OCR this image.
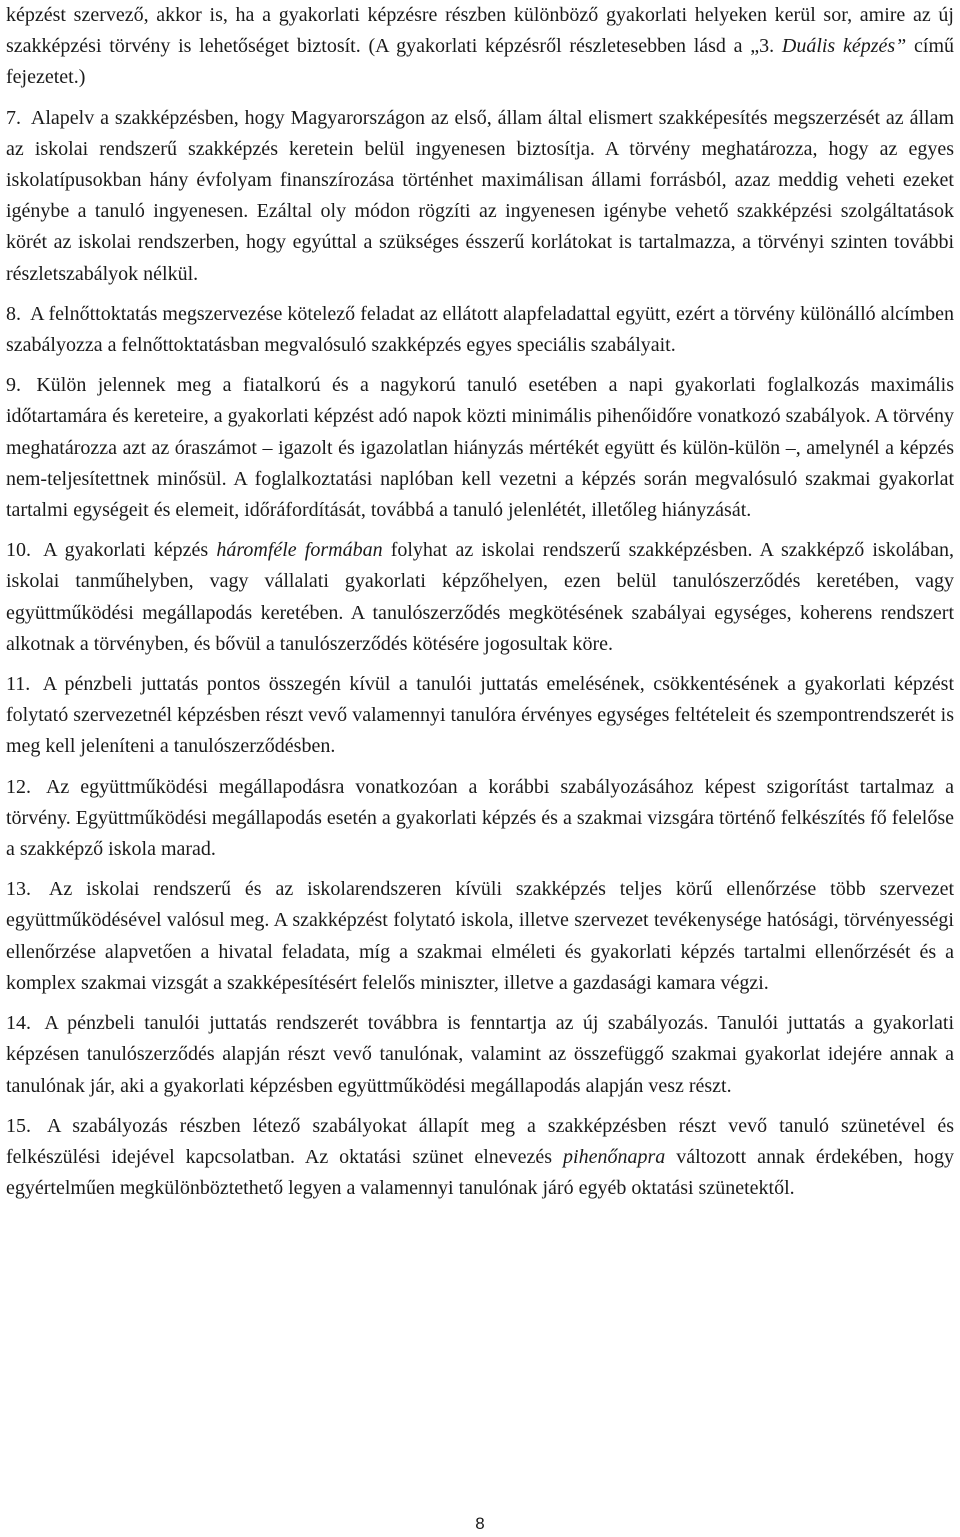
képzést szervező, akkor is, ha a gyakorlati képzésre részben különböző gyakorlati helyeken kerül sor, amire az új szakképzési törvény is lehetőséget biztosít. (A gyakorlati képzésről részletesebben lásd a „3. Duális képzés” című fejezetet.)

7. Alapelv a szakképzésben, hogy Magyarországon az első, állam által elismert szakképesítés megszerzését az állam az iskolai rendszerű szakképzés keretein belül ingyenesen biztosítja. A törvény meghatározza, hogy az egyes iskolatípusokban hány évfolyam finanszírozása történhet maximálisan állami forrásból, azaz meddig veheti ezeket igénybe a tanuló ingyenesen. Ezáltal oly módon rögzíti az ingyenesen igénybe vehető szakképzési szolgáltatások körét az iskolai rendszerben, hogy egyúttal a szükséges ésszerű korlátokat is tartalmazza, a törvényi szinten további részletszabályok nélkül.

8. A felnőttoktatás megszervezése kötelező feladat az ellátott alapfeladattal együtt, ezért a törvény különálló alcímben szabályozza a felnőttoktatásban megvalósuló szakképzés egyes speciális szabályait.

9. Külön jelennek meg a fiatalkorú és a nagykorú tanuló esetében a napi gyakorlati foglalkozás maximális időtartamára és kereteire, a gyakorlati képzést adó napok közti minimális pihenőidőre vonatkozó szabályok. A törvény meghatározza azt az óraszámot – igazolt és igazolatlan hiányzás mértékét együtt és külön-külön –, amelynél a képzés nem-teljesítettnek minősül. A foglalkoztatási naplóban kell vezetni a képzés során megvalósuló szakmai gyakorlat tartalmi egységeit és elemeit, időráfordítását, továbbá a tanuló jelenlétét, illetőleg hiányzását.

10. A gyakorlati képzés háromféle formában folyhat az iskolai rendszerű szakképzésben. A szakképző iskolában, iskolai tanműhelyben, vagy vállalati gyakorlati képzőhelyen, ezen belül tanulószerződés keretében, vagy együttműködési megállapodás keretében. A tanulószerződés megkötésének szabályai egységes, koherens rendszert alkotnak a törvényben, és bővül a tanulószerződés kötésére jogosultak köre.

11. A pénzbeli juttatás pontos összegén kívül a tanulói juttatás emelésének, csökkentésének a gyakorlati képzést folytató szervezetnél képzésben részt vevő valamennyi tanulóra érvényes egységes feltételeit és szempontrendszerét is meg kell jeleníteni a tanulószerződésben.

12. Az együttműködési megállapodásra vonatkozóan a korábbi szabályozásához képest szigorítást tartalmaz a törvény. Együttműködési megállapodás esetén a gyakorlati képzés és a szakmai vizsgára történő felkészítés fő felelőse a szakképző iskola marad.

13. Az iskolai rendszerű és az iskolarendszeren kívüli szakképzés teljes körű ellenőrzése több szervezet együttműködésével valósul meg. A szakképzést folytató iskola, illetve szervezet tevékenysége hatósági, törvényességi ellenőrzése alapvetően a hivatal feladata, míg a szakmai elméleti és gyakorlati képzés tartalmi ellenőrzését és a komplex szakmai vizsgát a szakképesítésért felelős miniszter, illetve a gazdasági kamara végzi.

14. A pénzbeli tanulói juttatás rendszerét továbbra is fenntartja az új szabályozás. Tanulói juttatás a gyakorlati képzésen tanulószerződés alapján részt vevő tanulónak, valamint az összefüggő szakmai gyakorlat idejére annak a tanulónak jár, aki a gyakorlati képzésben együttműködési megállapodás alapján vesz részt.

15. A szabályozás részben létező szabályokat állapít meg a szakképzésben részt vevő tanuló szünetével és felkészülési idejével kapcsolatban. Az oktatási szünet elnevezés pihenőnapra változott annak érdekében, hogy egyértelműen megkülönböztethető legyen a valamennyi tanulónak járó egyéb oktatási szünetektől.

8
